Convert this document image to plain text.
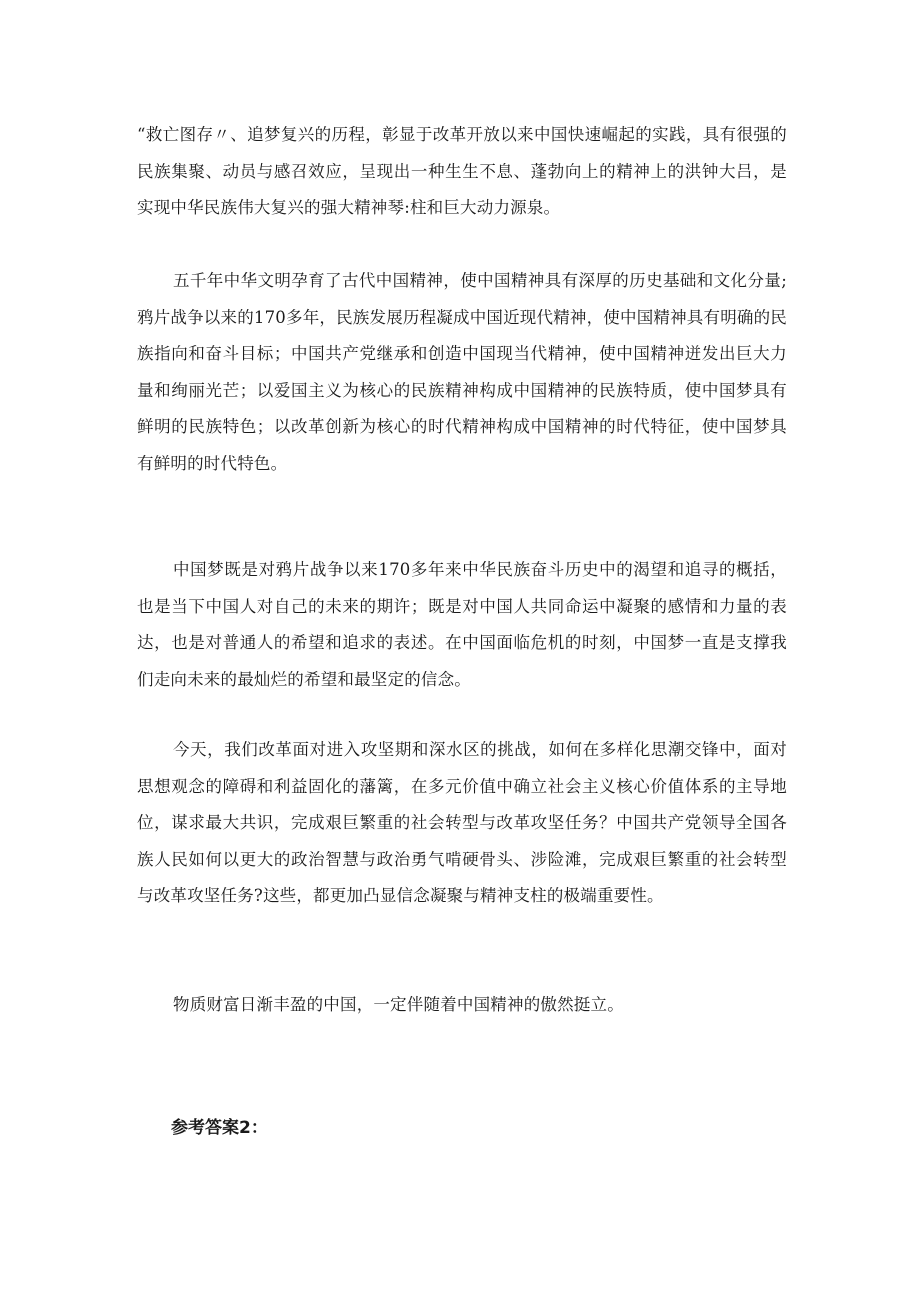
“救亡图存〃、追梦复兴的历程，彰显于改革开放以来中国快速崛起的实践，具有很强的民族集聚、动员与感召效应，呈现出一种生生不息、蓬勃向上的精神上的洪钟大吕，是实现中华民族伟大复兴的强大精神琴:柱和巨大动力源泉。

五千年中华文明孕育了古代中国精神，使中国精神具有深厚的历史基础和文化分量;鸦片战争以来的170多年，民族发展历程凝成中国近现代精神，使中国精神具有明确的民族指向和奋斗目标；中国共产党继承和创造中国现当代精神，使中国精神迸发出巨大力量和绚丽光芒；以爱国主义为核心的民族精神构成中国精神的民族特质，使中国梦具有鲜明的民族特色；以改革创新为核心的时代精神构成中国精神的时代特征，使中国梦具有鲜明的时代特色。

中国梦既是对鸦片战争以来170多年来中华民族奋斗历史中的渴望和追寻的概括，也是当下中国人对自己的未来的期许；既是对中国人共同命运中凝聚的感情和力量的表达，也是对普通人的希望和追求的表述。在中国面临危机的时刻，中国梦一直是支撑我们走向未来的最灿烂的希望和最坚定的信念。

今天，我们改革面对进入攻坚期和深水区的挑战，如何在多样化思潮交锋中，面对思想观念的障碍和利益固化的藩篱，在多元价值中确立社会主义核心价值体系的主导地位，谋求最大共识，完成艰巨繁重的社会转型与改革攻坚任务？中国共产党领导全国各族人民如何以更大的政治智慧与政治勇气啃硬骨头、涉险滩，完成艰巨繁重的社会转型与改革攻坚任务?这些，都更加凸显信念凝聚与精神支柱的极端重要性。

物质财富日渐丰盈的中国，一定伴随着中国精神的傲然挺立。

参考答案2：
